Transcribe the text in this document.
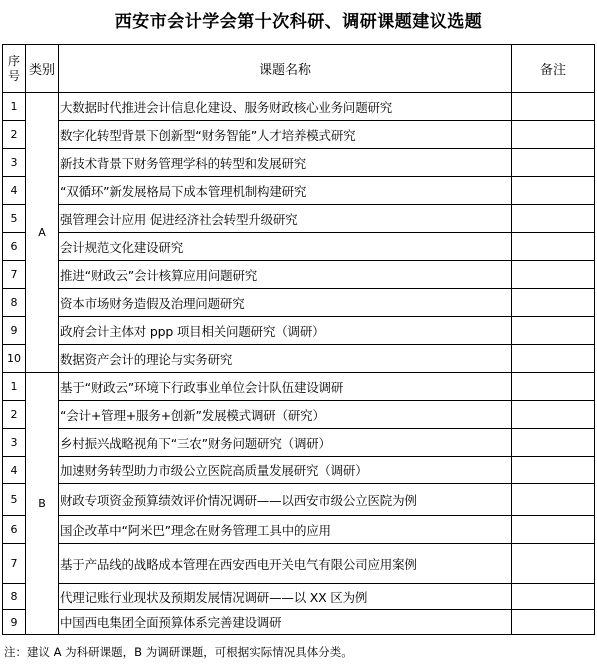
西安市会计学会第十次科研、调研课题建议选题
序号	类别	课题名称	备注
1	A	大数据时代推进会计信息化建设、服务财政核心业务问题研究	
2		数字化转型背景下创新型“财务智能”人才培养模式研究	
3		新技术背景下财务管理学科的转型和发展研究	
4		“双循环”新发展格局下成本管理机制构建研究	
5		强管理会计应用 促进经济社会转型升级研究	
6		会计规范文化建设研究	
7		推进“财政云”会计核算应用问题研究	
8		资本市场财务造假及治理问题研究	
9		政府会计主体对 ppp 项目相关问题研究（调研）	
10		数据资产会计的理论与实务研究	
1	B	基于“财政云”环境下行政事业单位会计队伍建设调研	
2		“会计+管理+服务+创新”发展模式调研（研究）	
3		乡村振兴战略视角下“三农”财务问题研究（调研）	
4		加速财务转型助力市级公立医院高质量发展研究（调研）	
5		财政专项资金预算绩效评价情况调研——以西安市级公立医院为例	
6		国企改革中“阿米巴”理念在财务管理工具中的应用	
7		基于产品线的战略成本管理在西安西电开关电气有限公司应用案例	
8		代理记账行业现状及预期发展情况调研——以 XX 区为例	
9		中国西电集团全面预算体系完善建设调研	
注：建议 A 为科研课题，B 为调研课题，可根据实际情况具体分类。
